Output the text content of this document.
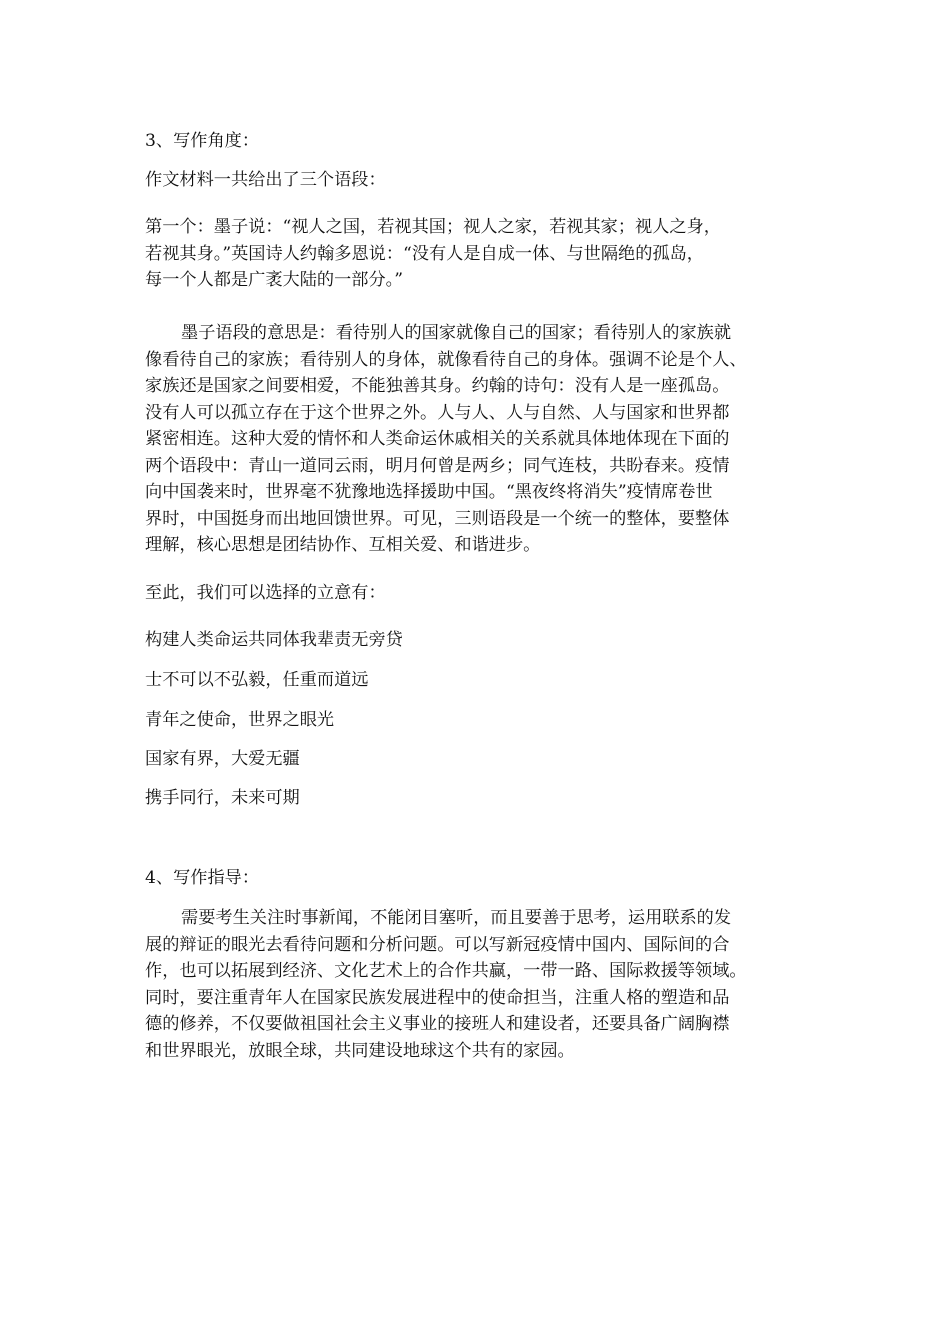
3、写作角度：

作文材料一共给出了三个语段：

第一个：墨子说：“视人之国，若视其国；视人之家，若视其家；视人之身，
若视其身。”英国诗人约翰多恩说：“没有人是自成一体、与世隔绝的孤岛，
每一个人都是广袤大陆的一部分。”
墨子语段的意思是：看待别人的国家就像自己的国家；看待别人的家族就
像看待自己的家族；看待别人的身体，就像看待自己的身体。强调不论是个人、
家族还是国家之间要相爱，不能独善其身。约翰的诗句：没有人是一座孤岛。
没有人可以孤立存在于这个世界之外。人与人、人与自然、人与国家和世界都
紧密相连。这种大爱的情怀和人类命运休戚相关的关系就具体地体现在下面的
两个语段中：青山一道同云雨，明月何曾是两乡；同气连枝，共盼春来。疫情
向中国袭来时，世界毫不犹豫地选择援助中国。“黑夜终将消失”疫情席卷世
界时，中国挺身而出地回馈世界。可见，三则语段是一个统一的整体，要整体
理解，核心思想是团结协作、互相关爱、和谐进步。

至此，我们可以选择的立意有：

构建人类命运共同体我辈责无旁贷

士不可以不弘毅，任重而道远

青年之使命，世界之眼光

国家有界，大爱无疆

携手同行，未来可期

4、写作指导：

需要考生关注时事新闻，不能闭目塞听，而且要善于思考，运用联系的发
展的辩证的眼光去看待问题和分析问题。可以写新冠疫情中国内、国际间的合
作，也可以拓展到经济、文化艺术上的合作共赢，一带一路、国际救援等领域。
同时，要注重青年人在国家民族发展进程中的使命担当，注重人格的塑造和品
德的修养，不仅要做祖国社会主义事业的接班人和建设者，还要具备广阔胸襟
和世界眼光，放眼全球，共同建设地球这个共有的家园。
